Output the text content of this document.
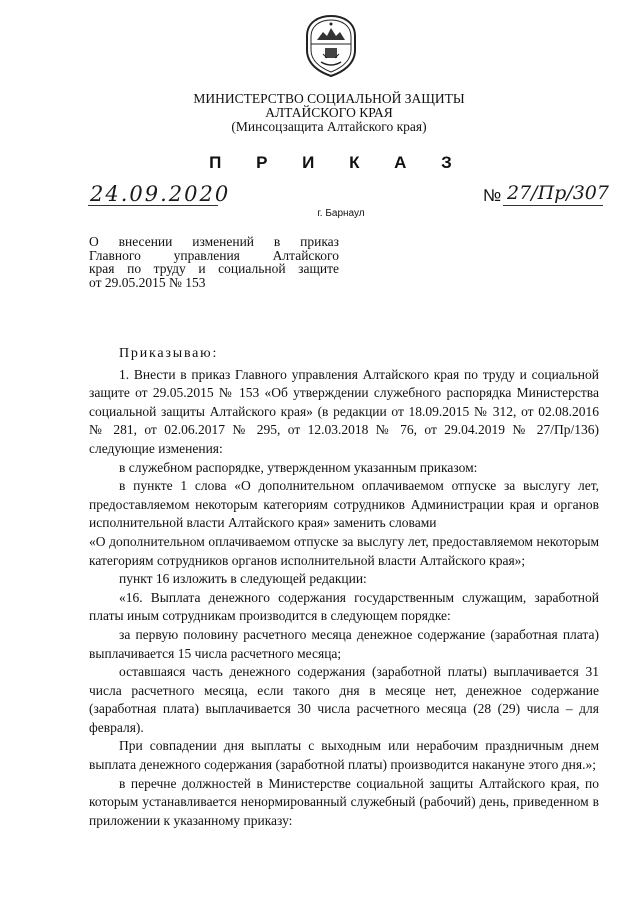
МИНИСТЕРСТВО СОЦИАЛЬНОЙ ЗАЩИТЫ
АЛТАЙСКОГО КРАЯ
(Минсоцзащита Алтайского края)
П Р И К А З
24.09.2020	№ 27/Пр/307
г. Барнаул
О внесении изменений в приказ
Главного управления Алтайского
края по труду и социальной защите
от 29.05.2015 № 153

Приказываю:

1. Внести в приказ Главного управления Алтайского края по труду и социальной защите от 29.05.2015 № 153 «Об утверждении служебного распорядка Министерства социальной защиты Алтайского края» (в редакции от 18.09.2015 № 312, от 02.08.2016 № 281, от 02.06.2017 № 295, от 12.03.2018 № 76, от 29.04.2019 № 27/Пр/136) следующие изменения:

в служебном распорядке, утвержденном указанным приказом:

в пункте 1 слова «О дополнительном оплачиваемом отпуске за выслугу лет, предоставляемом некоторым категориям сотрудников Администрации края и органов исполнительной власти Алтайского края» заменить словами

«О дополнительном оплачиваемом отпуске за выслугу лет, предоставляемом некоторым категориям сотрудников органов исполнительной власти Алтайского края»;

пункт 16 изложить в следующей редакции:

«16. Выплата денежного содержания государственным служащим, заработной платы иным сотрудникам производится в следующем порядке:

за первую половину расчетного месяца денежное содержание (заработная плата) выплачивается 15 числа расчетного месяца;

оставшаяся часть денежного содержания (заработной платы) выплачивается 31 числа расчетного месяца, если такого дня в месяце нет, денежное содержание (заработная плата) выплачивается 30 числа расчетного месяца (28 (29) числа – для февраля).

При совпадении дня выплаты с выходным или нерабочим праздничным днем выплата денежного содержания (заработной платы) производится накануне этого дня.»;

в перечне должностей в Министерстве социальной защиты Алтайского края, по которым устанавливается ненормированный служебный (рабочий) день, приведенном в приложении к указанному приказу:
